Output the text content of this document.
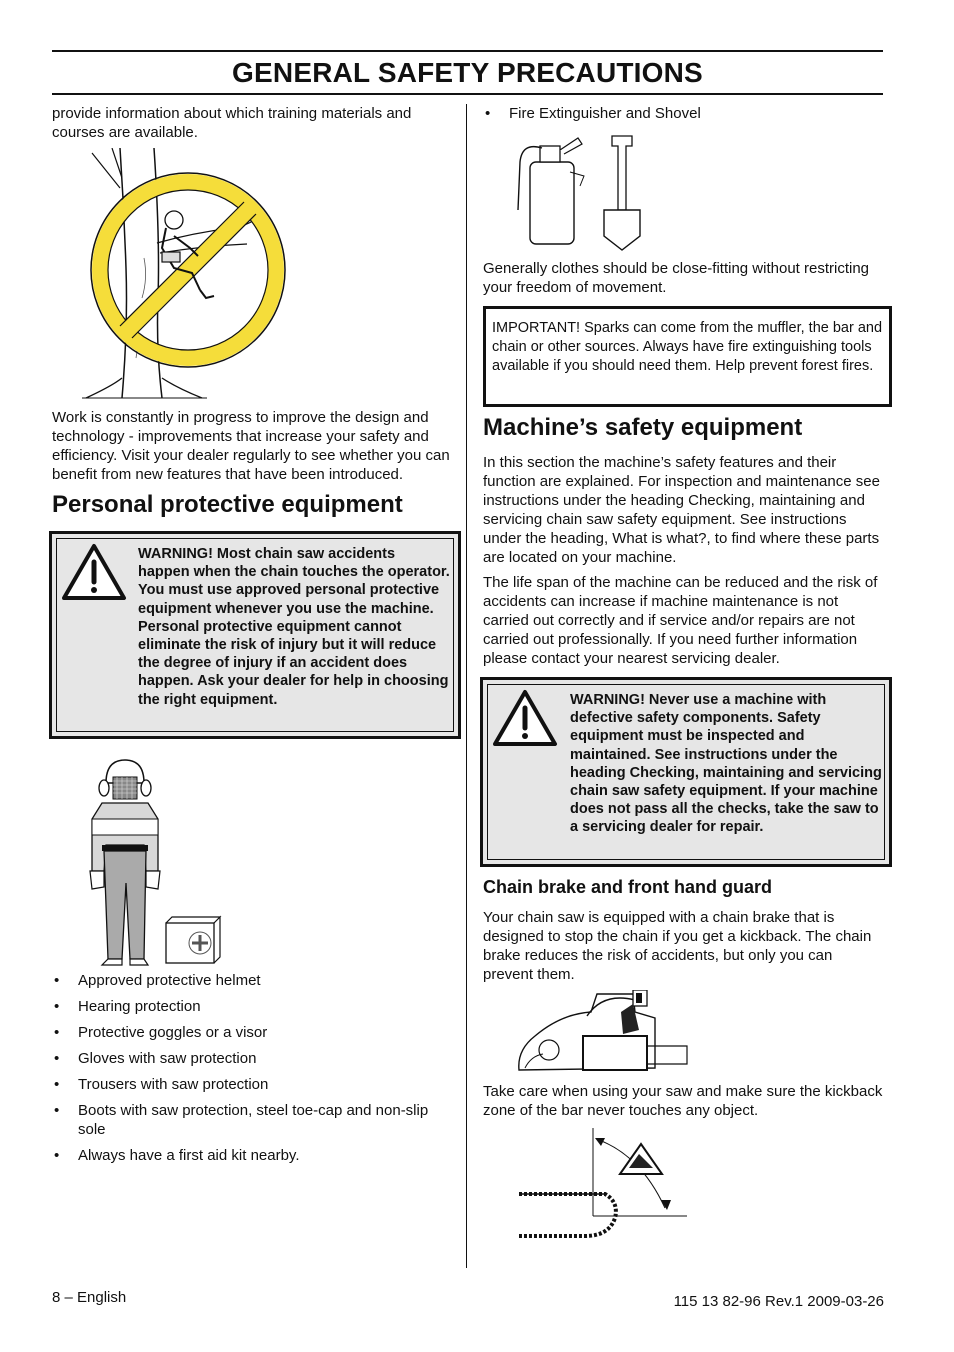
GENERAL SAFETY PRECAUTIONS
provide information about which training materials and courses are available.
Work is constantly in progress to improve the design and technology - improvements that increase your safety and efficiency. Visit your dealer regularly to see whether you can benefit from new features that have been introduced.
Personal protective equipment
WARNING! Most chain saw accidents happen when the chain touches the operator. You must use approved personal protective equipment whenever you use the machine. Personal protective equipment cannot eliminate the risk of injury but it will reduce the degree of injury if an accident does happen. Ask your dealer for help in choosing the right equipment.
• Approved protective helmet
• Hearing protection
• Protective goggles or a visor
• Gloves with saw protection
• Trousers with saw protection
• Boots with saw protection, steel toe-cap and non-slip sole
• Always have a first aid kit nearby.
• Fire Extinguisher and Shovel
Generally clothes should be close-fitting without restricting your freedom of movement.
IMPORTANT! Sparks can come from the muffler, the bar and chain or other sources. Always have fire extinguishing tools available if you should need them. Help prevent forest fires.
Machine’s safety equipment
In this section the machine’s safety features and their function are explained. For inspection and maintenance see instructions under the heading Checking, maintaining and servicing chain saw safety equipment. See instructions under the heading, What is what?, to find where these parts are located on your machine.
The life span of the machine can be reduced and the risk of accidents can increase if machine maintenance is not carried out correctly and if service and/or repairs are not carried out professionally. If you need further information please contact your nearest servicing dealer.
WARNING! Never use a machine with defective safety components. Safety equipment must be inspected and maintained. See instructions under the heading Checking, maintaining and servicing chain saw safety equipment. If your machine does not pass all the checks, take the saw to a servicing dealer for repair.
Chain brake and front hand guard
Your chain saw is equipped with a chain brake that is designed to stop the chain if you get a kickback. The chain brake reduces the risk of accidents, but only you can prevent them.
Take care when using your saw and make sure the kickback zone of the bar never touches any object.
8 – English	115 13 82-96 Rev.1 2009-03-26
